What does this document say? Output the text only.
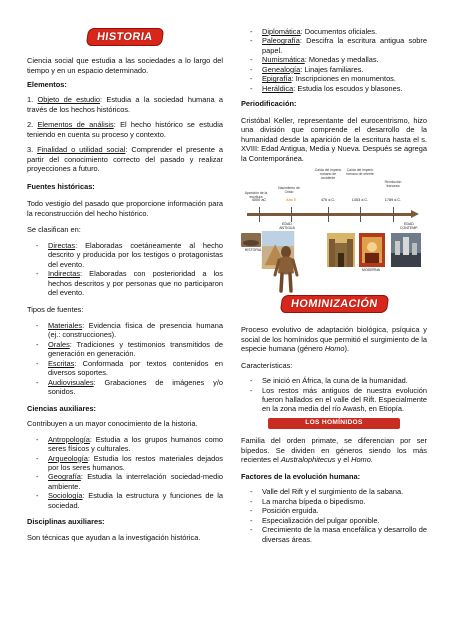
HISTORIA

Ciencia social que estudia a las sociedades a lo largo del tiempo y en un espacio determinado.

Elementos:

1. Objeto de estudio: Estudia a la sociedad humana a través de los hechos históricos.

2. Elementos de análisis: El hecho histórico se estudia teniendo en cuenta su proceso y contexto.

3. Finalidad o utilidad social: Comprender el presente a partir del conocimiento correcto del pasado y realizar proyecciones a futuro.

Fuentes históricas:

Todo vestigio del pasado que proporcione información para la reconstrucción del hecho histórico.

Se clasifican en:

- Directas: Elaboradas coetáneamente al hecho descrito y producida por los testigos o protagonistas del evento.
- Indirectas: Elaboradas con posterioridad a los hechos descritos y por personas que no participaron del evento.

Tipos de fuentes:

- Materiales: Evidencia física de presencia humana (ej.: construcciones).
- Orales: Tradiciones y testimonios transmitidos de generación en generación.
- Escritas: Conformada por textos contenidos en diversos soportes.
- Audiovisuales: Grabaciones de imágenes y/o sonidos.

Ciencias auxiliares:

Contribuyen a un mayor conocimiento de la historia.

- Antropología: Estudia a los grupos humanos como seres físicos y culturales.
- Arqueología: Estudia los restos materiales dejados por los seres humanos.
- Geografía: Estudia la interrelación sociedad-medio ambiente.
- Sociología: Estudia la estructura y funciones de la sociedad.

Disciplinas auxiliares:

Son técnicas que ayudan a la investigación histórica.

- Diplomática: Documentos oficiales.
- Paleografía: Descifra la escritura antigua sobre papel.
- Numismática: Monedas y medallas.
- Genealogía: Linajes familiares.
- Epigrafía: Inscripciones en monumentos.
- Heráldica: Estudia los escudos y blasones.

Periodificación:

Cristóbal Keller, representante del eurocentrismo, hizo una división que comprende el desarrollo de la humanidad desde la aparición de la escritura hasta el s. XVIII: Edad Antigua, Media y Nueva. Después se agrega la Contemporánea.

Aparición de la escritura
Nacimiento de Cristo
Caída del imperio romano de occidente
Caída del imperio romano de oriente
Revolución francesa
4000 aC	Año 0	476 d.C.	1453 d.C.	1789 d.C.
HISTORIA
EDAD ANTIGUA
MODERNA
EDAD CONTEMP.
HOMINIZACIÓN

Proceso evolutivo de adaptación biológica, psíquica y social de los homínidos que permitió el surgimiento de la especie humana (género Homo).

Características:

- Se inició en África, la cuna de la humanidad.
- Los restos más antiguos de nuestra evolución fueron hallados en el valle del Rift. Especialmente en la zona media del río Awash, en Etiopía.
LOS HOMÍNIDOS

Familia del orden primate, se diferencian por ser bípedos. Se dividen en géneros siendo los más recientes el Australophitecus y el Homo.

Factores de la evolución humana:

- Valle del Rift y el surgimiento de la sabana.
- La marcha bípeda o bipedismo.
- Posición erguida.
- Especialización del pulgar oponible.
- Crecimiento de la masa encefálica y desarrollo de diversas áreas.
